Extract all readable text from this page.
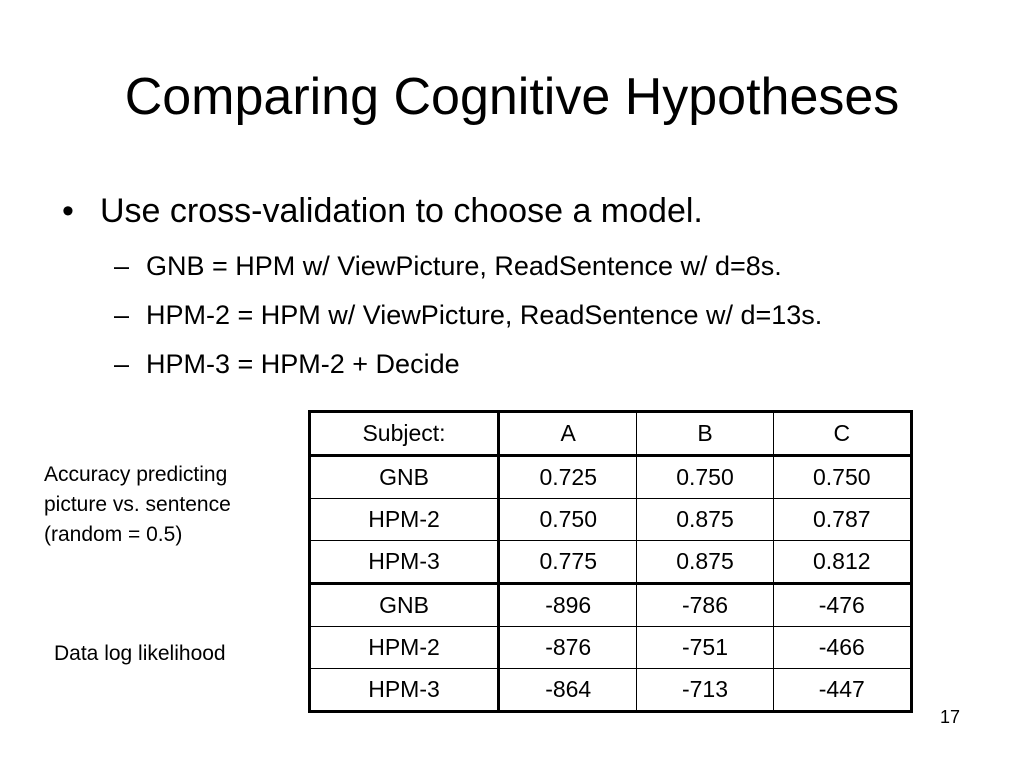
Comparing Cognitive Hypotheses
• Use cross-validation to choose a model.
– GNB = HPM w/ ViewPicture, ReadSentence w/ d=8s.
– HPM-2 = HPM w/ ViewPicture, ReadSentence w/ d=13s.
– HPM-3 = HPM-2 + Decide
Accuracy predicting
picture vs. sentence
(random = 0.5)
Data log likelihood
Subject:	A	B	C
GNB	0.725	0.750	0.750
HPM-2	0.750	0.875	0.787
HPM-3	0.775	0.875	0.812
GNB	-896	-786	-476
HPM-2	-876	-751	-466
HPM-3	-864	-713	-447
17
